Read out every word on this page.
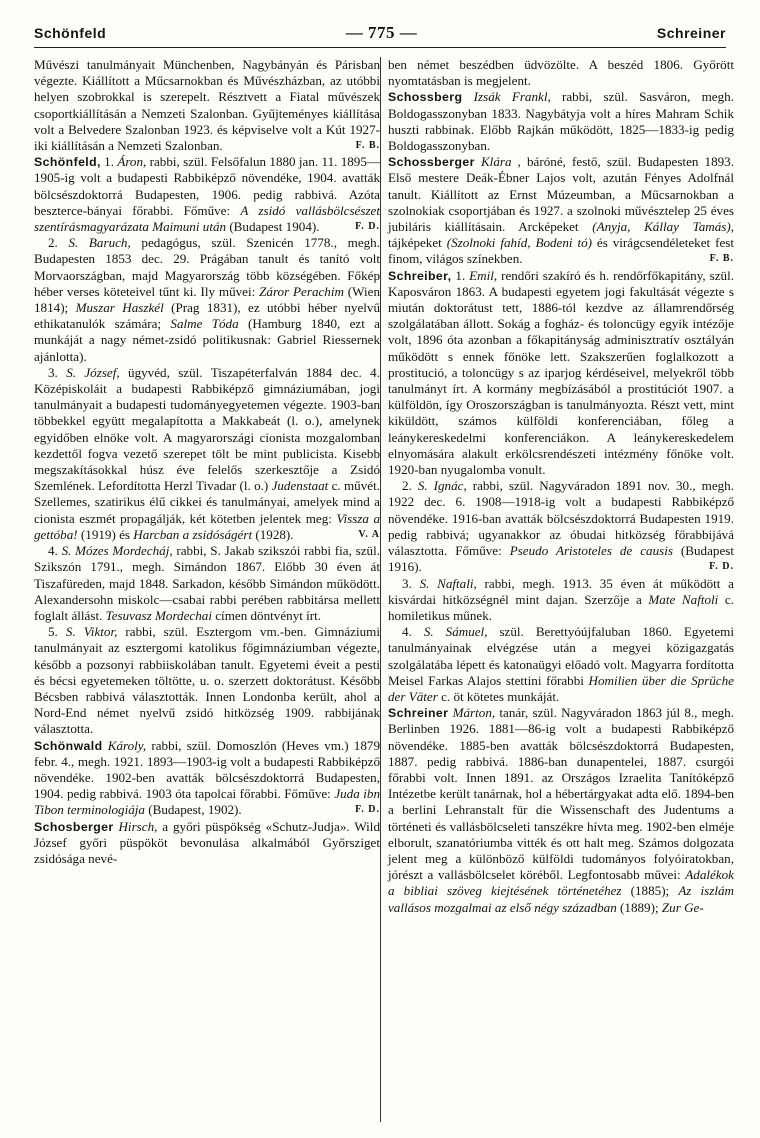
Schönfeld	— 775 —	Schreiner

Művészi tanulmányait Münchenben, Nagybányán és Párisban végezte. Kiállított a Műcsarnokban és Művészházban, az utóbbi helyen szobrokkal is szerepelt. Résztvett a Fiatal művészek csoportkiállításán a Nemzeti Szalonban. Gyűjteményes kiállítása volt a Belvedere Szalonban 1923. és képviselve volt a Kút 1927-iki kiállításán a Nemzeti Szalonban.	F. B.

Schönfeld, 1. Áron, rabbi, szül. Felsőfalun 1880 jan. 11. 1895—1905-ig volt a budapesti Rabbiképző növendéke, 1904. avatták bölcsészdoktorrá Budapesten, 1906. pedig rabbivá. Azóta beszterce-bányai főrabbi. Főműve: A zsidó vallásbölcsészet szentírásmagyarázata Maimuni után (Budapest 1904).	F. D.

2. S. Baruch, pedagógus, szül. Szenicén 1778., megh. Budapesten 1853 dec. 29. Prágában tanult és tanító volt Morvaországban, majd Magyarország több községében. Főkép héber verses köteteivel tűnt ki. Ily művei: Záror Perachim (Wien 1814); Muszar Haszkél (Prag 1831), ez utóbbi héber nyelvű ethikatanulók számára; Salme Tóda (Hamburg 1840, ezt a munkáját a nagy német-zsidó politikusnak: Gabriel Riessernek ajánlotta).

3. S. József, ügyvéd, szül. Tiszapéterfalván 1884 dec. 4. Középiskoláit a budapesti Rabbiképző gimnáziumában, jogi tanulmányait a budapesti tudományegyetemen végezte. 1903-ban többekkel együtt megalapította a Makkabeát (l. o.), amelynek egyidőben elnöke volt. A magyarországi cionista mozgalomban kezdettől fogva vezető szerepet tölt be mint publicista. Kisebb megszakításokkal húsz éve felelős szerkesztője a Zsidó Szemlének. Lefordította Herzl Tivadar (l. o.) Judenstaat c. művét. Szellemes, szatirikus élű cikkei és tanulmányai, amelyek mind a cionista eszmét propagálják, két kötetben jelentek meg: Vissza a gettóba! (1919) és Harcban a zsidóságért (1928).	V. A

4. S. Mózes Mordecháj, rabbi, S. Jakab szikszói rabbi fia, szül. Szikszón 1791., megh. Simándon 1867. Előbb 30 éven át Tiszafüreden, majd 1848. Sarkadon, később Simándon működött. Alexandersohn miskolc—csabai rabbi perében rabbitársa mellett foglalt állást. Tesuvasz Mordechai címen döntvényt írt.

5. S. Viktor, rabbi, szül. Esztergom vm.-ben. Gimnáziumi tanulmányait az esztergomi katolikus főgimnáziumban végezte, később a pozsonyi rabbiiskolában tanult. Egyetemi éveit a pesti és bécsi egyetemeken töltötte, u. o. szerzett doktorátust. Később Bécsben rabbivá választották. Innen Londonba került, ahol a Nord-End német nyelvű zsidó hitközség 1909. rabbijának választotta.

Schönwald Károly, rabbi, szül. Domoszlón (Heves vm.) 1879 febr. 4., megh. 1921. 1893—1903-ig volt a budapesti Rabbiképző növendéke. 1902-ben avatták bölcsészdoktorrá Budapesten, 1904. pedig rabbivá. 1903 óta tapolcai főrabbi. Főműve: Juda ibn Tibon terminologiája (Budapest, 1902).	F. D.

Schosberger Hirsch, a győri püspökség «Schutz-Judja». Wild József győri püspököt bevonulása alkalmából Győrsziget zsidósága nevé-

ben német beszédben üdvözölte. A beszéd 1806. Győrött nyomtatásban is megjelent.

Schossberg Izsák Frankl, rabbi, szül. Sasváron, megh. Boldogasszonyban 1833. Nagybátyja volt a híres Mahram Schik huszti rabbinak. Előbb Rajkán működött, 1825—1833-ig pedig Boldogasszonyban.

Schossberger Klára , báróné, festő, szül. Budapesten 1893. Első mestere Deák-Ébner Lajos volt, azután Fényes Adolfnál tanult. Kiállított az Ernst Múzeumban, a Műcsarnokban a szolnokiak csoportjában és 1927. a szolnoki művésztelep 25 éves jubiláris kiállításain. Arcképeket (Anyja, Kállay Tamás), tájképeket (Szolnoki fahíd, Bodeni tó) és virágcsendéleteket fest finom, világos színekben.	F. B.

Schreiber, 1. Emil, rendőri szakíró és h. rendőrfőkapitány, szül. Kaposváron 1863. A budapesti egyetem jogi fakultását végezte s miután doktorátust tett, 1886-tól kezdve az államrendőrség szolgálatában állott. Sokág a fogház- és toloncügy egyik intézője volt, 1896 óta azonban a főkapitányság adminisztratív osztályán működött s ennek főnöke lett. Szakszerűen foglalkozott a prostitució, a toloncügy s az iparjog kérdéseivel, melyekről több tanulmányt írt. A kormány megbízásából a prostitúciót 1907. a külföldön, így Oroszországban is tanulmányozta. Részt vett, mint kiküldött, számos külföldi konferenciában, főleg a leánykereskedelmi konferenciákon. A leánykereskedelem elnyomására alakult erkölcsrendészeti intézmény főnöke volt. 1920-ban nyugalomba vonult.

2. S. Ignác, rabbi, szül. Nagyváradon 1891 nov. 30., megh. 1922 dec. 6. 1908—1918-ig volt a budapesti Rabbiképző növendéke. 1916-ban avatták bölcsészdoktorrá Budapesten 1919. pedig rabbivá; ugyanakkor az óbudai hitközség főrabbijává választotta. Főműve: Pseudo Aristoteles de causis (Budapest 1916).	F. D.

3. S. Naftali, rabbi, megh. 1913. 35 éven át működött a kisvárdai hitközségnél mint dajan. Szerzője a Mate Naftoli c. homiletikus műnek.

4. S. Sámuel, szül. Berettyóújfaluban 1860. Egyetemi tanulmányainak elvégzése után a megyei közigazgatás szolgálatába lépett és katonaügyi előadó volt. Magyarra fordította Meisel Farkas Alajos stettini főrabbi Homilien über die Sprüche der Väter c. öt kötetes munkáját.

Schreiner Márton, tanár, szül. Nagyváradon 1863 júl 8., megh. Berlinben 1926. 1881—86-ig volt a budapesti Rabbiképző növendéke. 1885-ben avatták bölcsészdoktorrá Budapesten, 1887. pedig rabbivá. 1886-ban dunapentelei, 1887. csurgói főrabbi volt. Innen 1891. az Országos Izraelita Tanítóképző Intézetbe került tanárnak, hol a hébertárgyakat adta elő. 1894-ben a berlini Lehranstalt für die Wissenschaft des Judentums a történeti és vallásbölcseleti tanszékre hívta meg. 1902-ben elméje elborult, szanatóriumba vitték és ott halt meg. Számos dolgozata jelent meg a különböző külföldi tudományos folyóiratokban, jórészt a vallásbölcselet köréből. Legfontosabb művei: Adalékok a bibliai szöveg kiejtésének történetéhez (1885); Az iszlám vallásos mozgalmai az első négy században (1889); Zur Ge-
